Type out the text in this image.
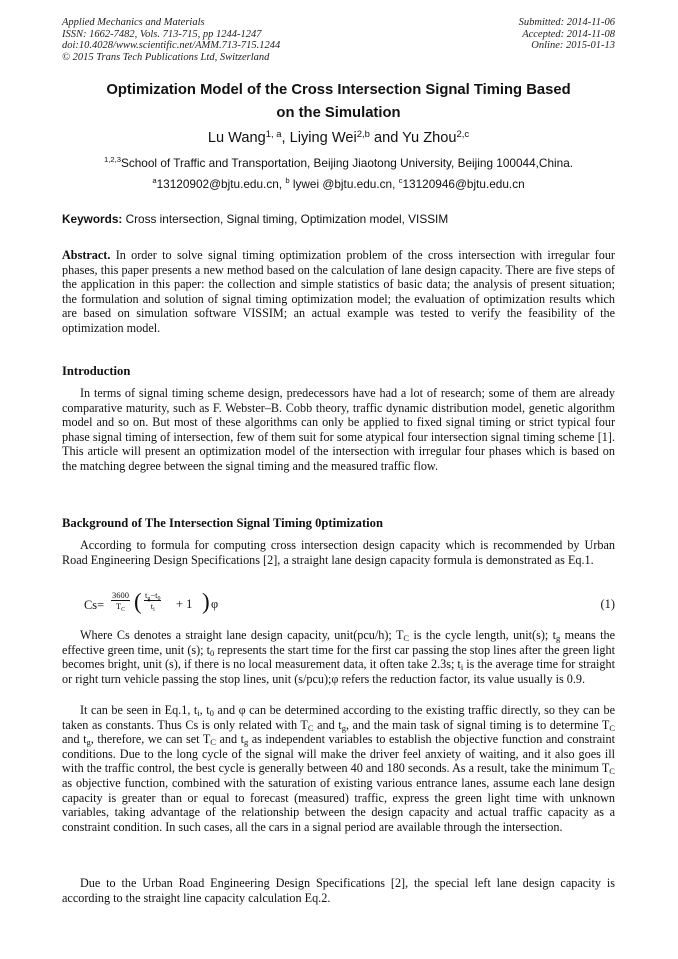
Applied Mechanics and Materials
ISSN: 1662-7482, Vols. 713-715, pp 1244-1247
doi:10.4028/www.scientific.net/AMM.713-715.1244
© 2015 Trans Tech Publications Ltd, Switzerland
Submitted: 2014-11-06
Accepted: 2014-11-08
Online: 2015-01-13
Optimization Model of the Cross Intersection Signal Timing Based
on the Simulation
Lu Wang$^{1, a}$, Liying Wei$^{2,b}$ and Yu Zhou$^{2,c}$
$^{1,2,3}$School of Traffic and Transportation, Beijing Jiaotong University, Beijing 100044,China.
$^a$13120902@bjtu.edu.cn, $^b$ lywei @bjtu.edu.cn, $^c$13120946@bjtu.edu.cn
Keywords: Cross intersection, Signal timing, Optimization model, VISSIM
Abstract. In order to solve signal timing optimization problem of the cross intersection with irregular four phases, this paper presents a new method based on the calculation of lane design capacity. There are five steps of the application in this paper: the collection and simple statistics of basic data; the analysis of present situation; the formulation and solution of signal timing optimization model; the evaluation of optimization results which are based on simulation software VISSIM; an actual example was tested to verify the feasibility of the optimization model.
Introduction
In terms of signal timing scheme design, predecessors have had a lot of research; some of them are already comparative maturity, such as F. Webster–B. Cobb theory, traffic dynamic distribution model, genetic algorithm model and so on. But most of these algorithms can only be applied to fixed signal timing or strict typical four phase signal timing of intersection, few of them suit for some atypical four intersection signal timing scheme [1]. This article will present an optimization model of the intersection with irregular four phases which is based on the matching degree between the signal timing and the measured traffic flow.
Background of The Intersection Signal Timing 0ptimization
According to formula for computing cross intersection design capacity which is recommended by Urban Road Engineering Design Specifications [2], a straight lane design capacity formula is demonstrated as Eq.1.
$Cs= \frac{3600}{T_C}$ ( $\frac{t_g-t_0}{t_i} + 1$ ) φ	(1)
Where Cs denotes a straight lane design capacity, unit(pcu/h); $T_C$ is the cycle length, unit(s); $t_g$ means the effective green time, unit (s); $t_0$ represents the start time for the first car passing the stop lines after the green light becomes bright, unit (s), if there is no local measurement data, it often take 2.3s; $t_i$ is the average time for straight or right turn vehicle passing the stop lines, unit (s/pcu);φ refers the reduction factor, its value usually is 0.9.
It can be seen in Eq.1, $t_i$, $t_0$ and φ can be determined according to the existing traffic directly, so they can be taken as constants. Thus Cs is only related with $T_C$ and $t_g$, and the main task of signal timing is to determine $T_C$ and $t_g$, therefore, we can set $T_C$ and $t_g$ as independent variables to establish the objective function and constraint conditions. Due to the long cycle of the signal will make the driver feel anxiety of waiting, and it also goes ill with the traffic control, the best cycle is generally between 40 and 180 seconds. As a result, take the minimum $T_C$ as objective function, combined with the saturation of existing various entrance lanes, assume each lane design capacity is greater than or equal to forecast (measured) traffic, express the green light time with unknown variables, taking advantage of the relationship between the design capacity and actual traffic capacity as a constraint condition. In such cases, all the cars in a signal period are available through the intersection.
Due to the Urban Road Engineering Design Specifications [2], the special left lane design capacity is according to the straight line capacity calculation Eq.2.
